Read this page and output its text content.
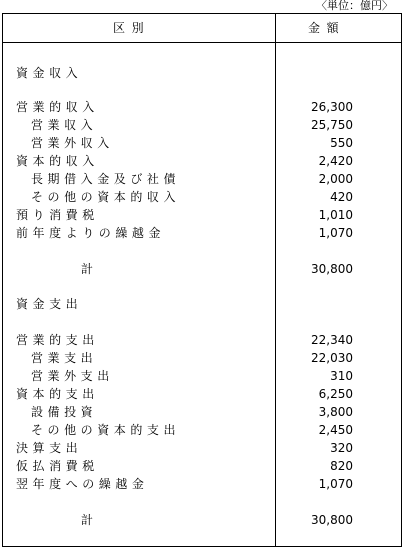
〈単位：億円〉
区別	金額
資金収入
営業的収入	26,300
営業収入	25,750
営業外収入	550
資本的収入	2,420
長期借入金及び社債	2,000
その他の資本的収入	420
預り消費税	1,010
前年度よりの繰越金	1,070
計	30,800
資金支出
営業的支出	22,340
営業支出	22,030
営業外支出	310
資本的支出	6,250
設備投資	3,800
その他の資本的支出	2,450
決算支出	320
仮払消費税	820
翌年度への繰越金	1,070
計	30,800
